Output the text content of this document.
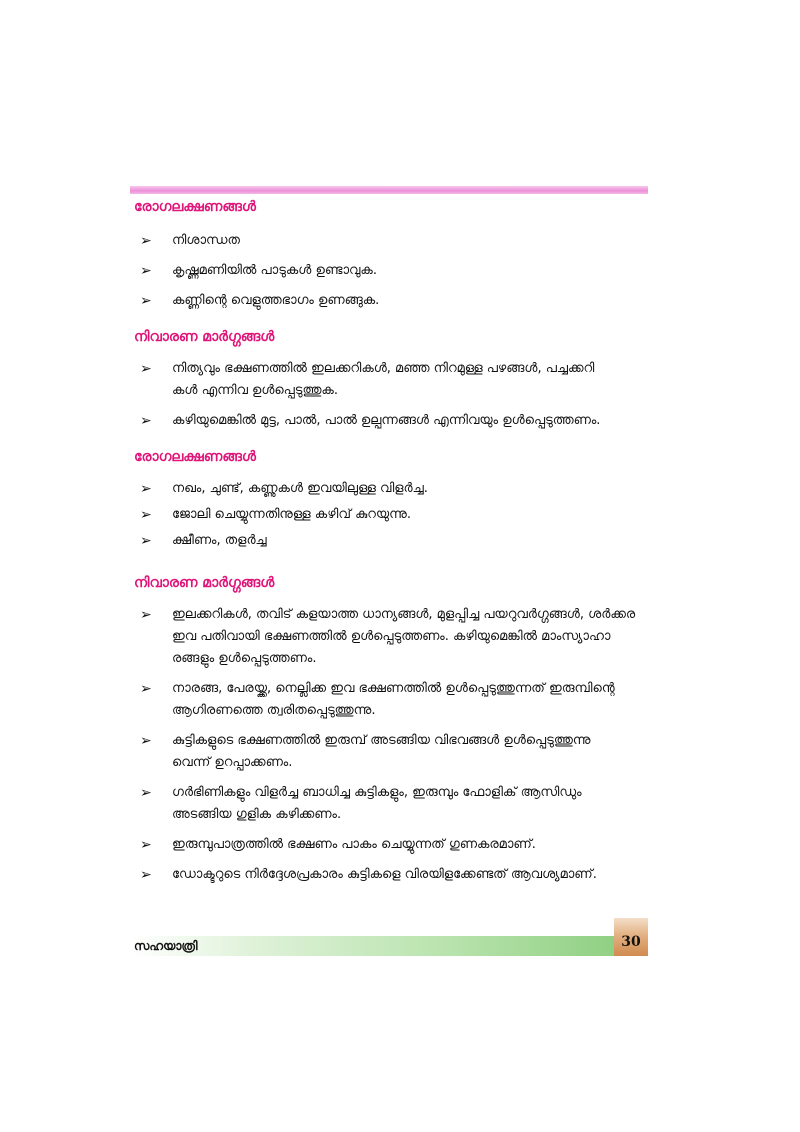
രോഗലക്ഷണങ്ങൾ
➢ നിശാന്ധത
➢ കൃഷ്ണമണിയിൽ പാടുകൾ ഉണ്ടാവുക.
➢ കണ്ണിന്റെ വെളുത്തഭാഗം ഉണങ്ങുക.
നിവാരണ മാർഗ്ഗങ്ങൾ
➢ നിത്യവും ഭക്ഷണത്തിൽ ഇലക്കറികൾ, മഞ്ഞ നിറമുള്ള പഴങ്ങൾ, പച്ചക്കറി
കൾ എന്നിവ ഉൾപ്പെടുത്തുക.
➢ കഴിയുമെങ്കിൽ മുട്ട, പാൽ, പാൽ ഉല്പന്നങ്ങൾ എന്നിവയും ഉൾപ്പെടുത്തണം.
രോഗലക്ഷണങ്ങൾ
➢ നഖം, ചുണ്ട്, കണ്ണുകൾ ഇവയിലുള്ള വിളർച്ച.
➢ ജോലി ചെയ്യുന്നതിനുള്ള കഴിവ് കുറയുന്നു.
➢ ക്ഷീണം, തളർച്ച
നിവാരണ മാർഗ്ഗങ്ങൾ
➢ ഇലക്കറികൾ, തവിട് കളയാത്ത ധാന്യങ്ങൾ, മുളപ്പിച്ച പയറുവർഗ്ഗങ്ങൾ, ശർക്കര
ഇവ പതിവായി ഭക്ഷണത്തിൽ ഉൾപ്പെടുത്തണം. കഴിയുമെങ്കിൽ മാംസ്യാഹാ
രങ്ങളും ഉൾപ്പെടുത്തണം.
➢ നാരങ്ങ, പേരയ്ക്ക, നെല്ലിക്ക ഇവ ഭക്ഷണത്തിൽ ഉൾപ്പെടുത്തുന്നത് ഇരുമ്പിന്റെ
ആഗിരണത്തെ ത്വരിതപ്പെടുത്തുന്നു.
➢ കുട്ടികളുടെ ഭക്ഷണത്തിൽ ഇരുമ്പ് അടങ്ങിയ വിഭവങ്ങൾ ഉൾപ്പെടുത്തുന്നു
വെന്ന് ഉറപ്പാക്കണം.
➢ ഗർഭിണികളും വിളർച്ച ബാധിച്ച കുട്ടികളും, ഇരുമ്പും ഫോളിക് ആസിഡും
അടങ്ങിയ ഗുളിക കഴിക്കണം.
➢ ഇരുമ്പുപാത്രത്തിൽ ഭക്ഷണം പാകം ചെയ്യുന്നത് ഗുണകരമാണ്.
➢ ഡോക്ടറുടെ നിർദ്ദേശപ്രകാരം കുട്ടികളെ വിരയിളക്കേണ്ടത് ആവശ്യമാണ്.
സഹയാത്രി	30
